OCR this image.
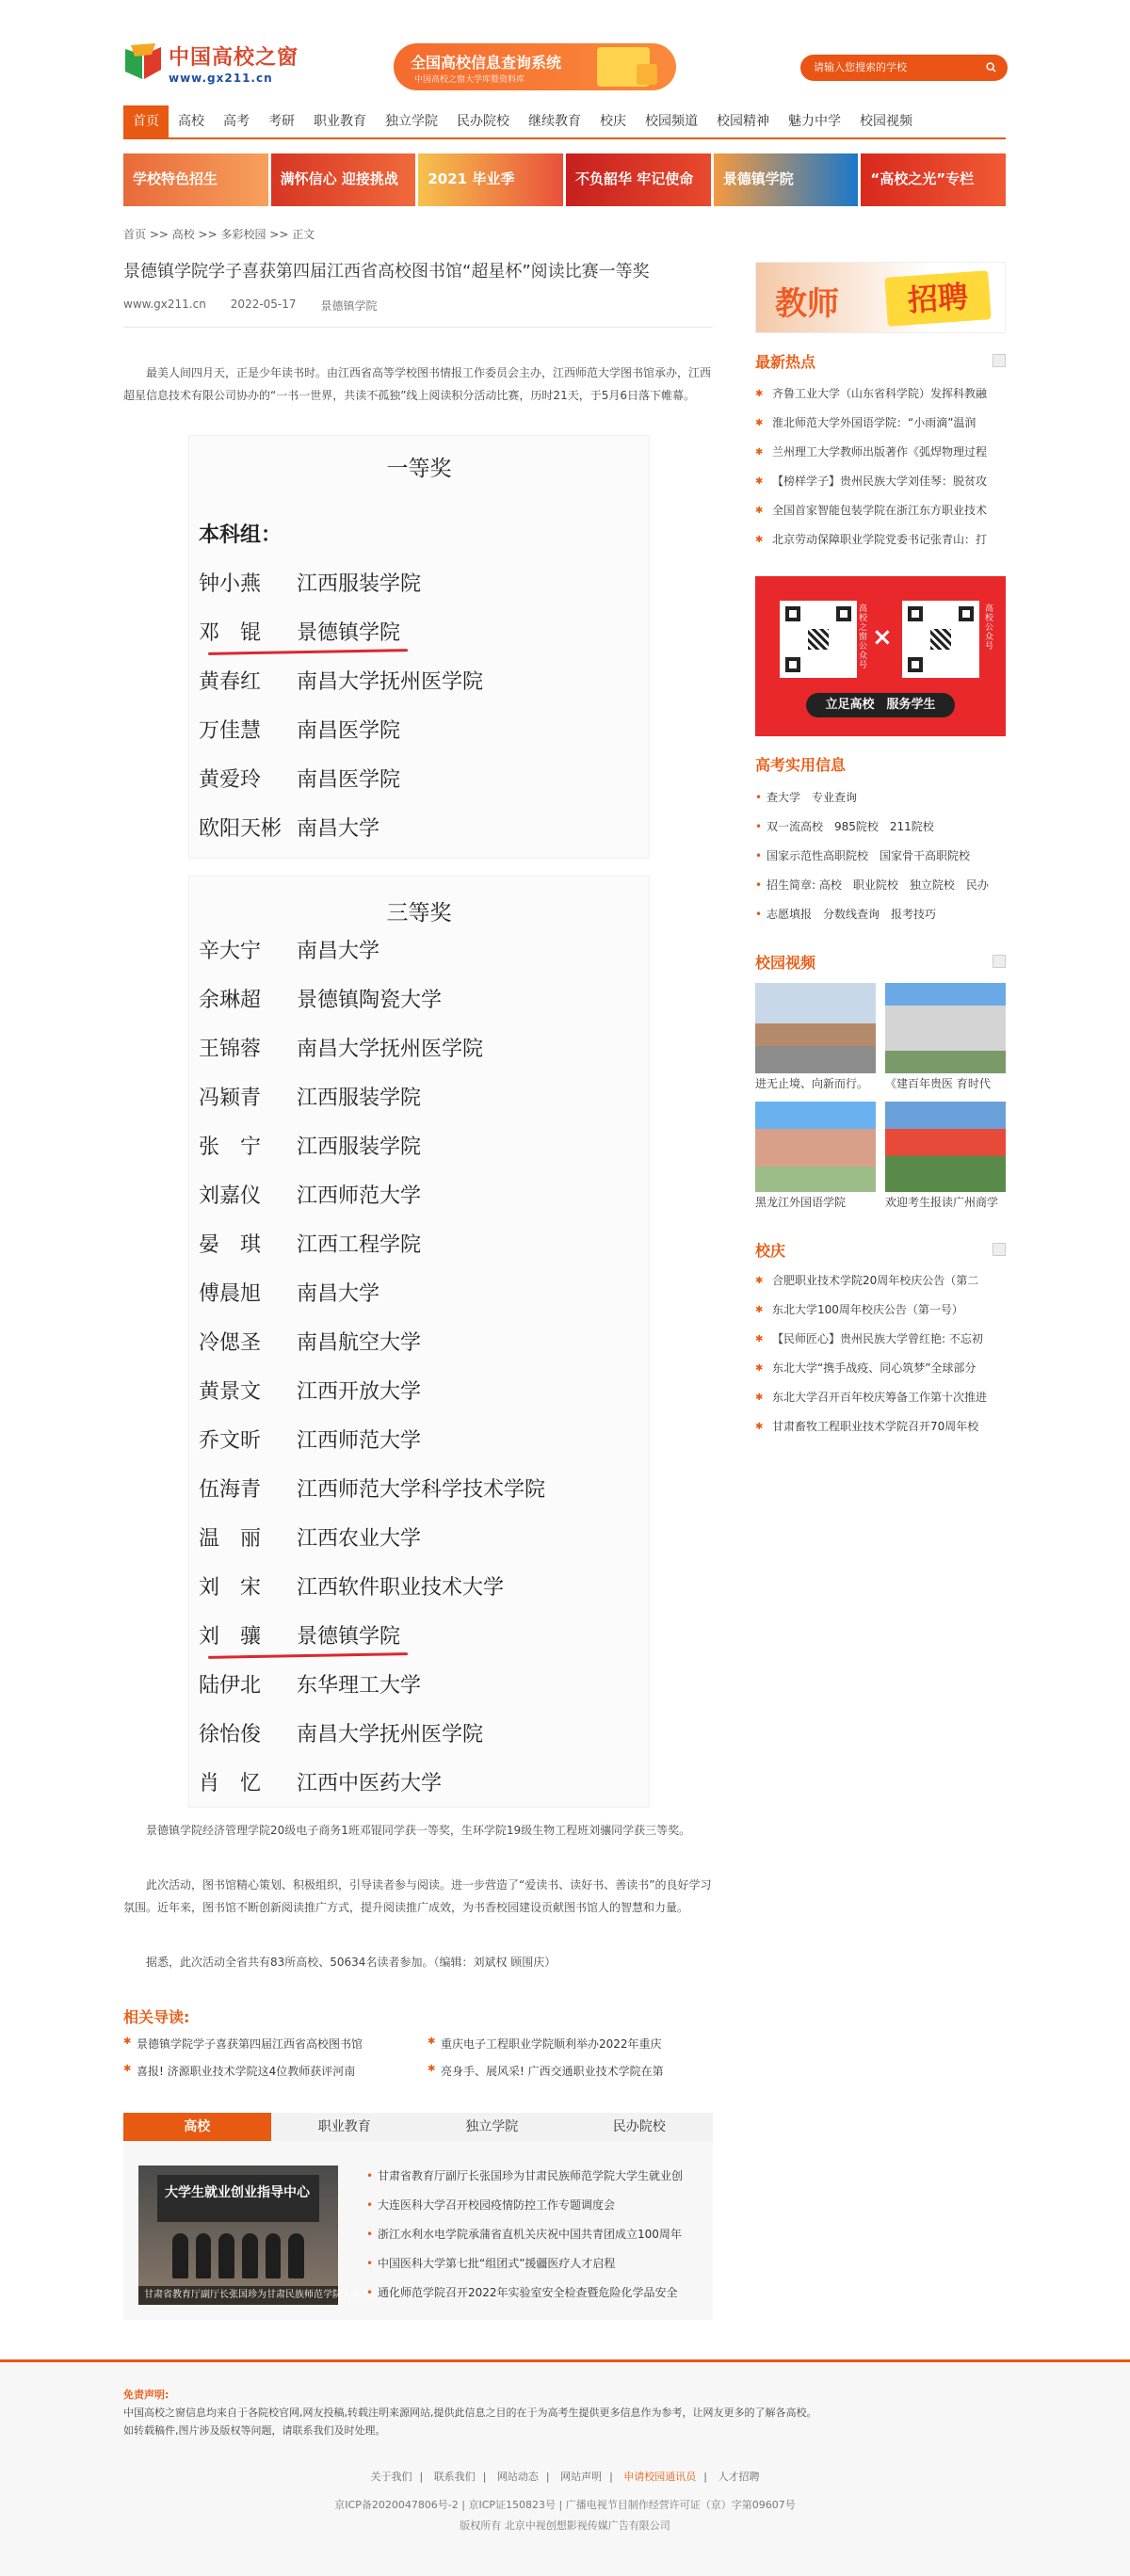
中国高校之窗
www.gx211.cn
全国高校信息查询系统
中国高校之窗大学库暨资料库
请输入您搜索的学校
首页	高校	高考	考研	职业教育	独立学院	民办院校	继续教育	校庆	校园频道	校园精神	魅力中学	校园视频
学校特色招生	满怀信心 迎接挑战 2021 毕业季	不负韶华 牢记使命 景德镇学院	“高校之光”专栏
首页 >> 高校 >> 多彩校园 >> 正文
景德镇学院学子喜获第四届江西省高校图书馆“超星杯”阅读比赛一等奖
www.gx211.cn 2022-05-17 景德镇学院

最美人间四月天，正是少年读书时。由江西省高等学校图书情报工作委员会主办，江西师范大学图书馆承办，江西超星信息技术有限公司协办的“一书一世界，共读不孤独”线上阅读积分活动比赛，历时21天，于5月6日落下帷幕。

一等奖
本科组：
钟小燕 江西服装学院
邓　锟 景德镇学院
黄春红 南昌大学抚州医学院
万佳慧 南昌医学院
黄爱玲 南昌医学院
欧阳天彬 南昌大学
三等奖
辛大宁 南昌大学
余琳超 景德镇陶瓷大学
王锦蓉 南昌大学抚州医学院
冯颖青 江西服装学院
张　宁 江西服装学院
刘嘉仪 江西师范大学
晏　琪 江西工程学院
傅晨旭 南昌大学
冷偲圣 南昌航空大学
黄景文 江西开放大学
乔文昕 江西师范大学
伍海青 江西师范大学科学技术学院
温　丽 江西农业大学
刘　宋 江西软件职业技术大学
刘　骧 景德镇学院
陆伊北 东华理工大学
徐怡俊 南昌大学抚州医学院
肖　忆 江西中医药大学

景德镇学院经济管理学院20级电子商务1班邓锟同学获一等奖，生环学院19级生物工程班刘骧同学获三等奖。

此次活动，图书馆精心策划、积极组织，引导读者参与阅读。进一步营造了“爱读书、读好书、善读书”的良好学习氛围。近年来，图书馆不断创新阅读推广方式，提升阅读推广成效，为书香校园建设贡献图书馆人的智慧和力量。

据悉，此次活动全省共有83所高校、50634名读者参加。（编辑：刘斌权 顾围庆）

相关导读:
✱ 景德镇学院学子喜获第四届江西省高校图书馆	✱ 重庆电子工程职业学院顺利举办2022年重庆
✱ 喜报! 济源职业技术学院这4位教师获评河南	✱ 亮身手、展风采! 广西交通职业技术学院在第
高校	职业教育	独立学院	民办院校
大学生就业创业指导中心
甘肃省教育厅副厅长张国珍为甘肃民族师范学院大学生就业创
• 甘肃省教育厅副厅长张国珍为甘肃民族师范学院大学生就业创
• 大连医科大学召开校园疫情防控工作专题调度会
• 浙江水利水电学院承蒲省直机关庆祝中国共青团成立100周年
• 中国医科大学第七批“组团式”援疆医疗人才启程
• 通化师范学院召开2022年实验室安全检查暨危险化学品安全
教师	招聘
最新热点
✱ 齐鲁工业大学（山东省科学院）发挥科教融
✱ 淮北师范大学外国语学院：“小雨滴”温润
✱ 兰州理工大学教师出版著作《弧焊物理过程
✱ 【榜样学子】贵州民族大学刘佳琴：脱贫攻
✱ 全国首家智能包装学院在浙江东方职业技术
✱ 北京劳动保障职业学院党委书记张青山：打
高校之窗公众号
×
高校公众号
立足高校　服务学生
高考实用信息
• 查大学　专业查询
• 双一流高校　985院校　211院校
• 国家示范性高职院校　国家骨干高职院校
• 招生简章: 高校　职业院校　独立院校　民办
• 志愿填报　分数线查询　报考技巧
校园视频
进无止境、向新而行。	《建百年贵医 育时代
黑龙江外国语学院	欢迎考生报读广州商学
校庆
✱ 合肥职业技术学院20周年校庆公告（第二
✱ 东北大学100周年校庆公告（第一号）
✱ 【民师匠心】贵州民族大学曾红艳: 不忘初
✱ 东北大学“携手战疫、同心筑梦”全球部分
✱ 东北大学召开百年校庆筹备工作第十次推进
✱ 甘肃畜牧工程职业技术学院召开70周年校
免责声明:
中国高校之窗信息均来自于各院校官网,网友投稿,转载注明来源网站,提供此信息之目的在于为高考生提供更多信息作为参考，让网友更多的了解各高校。
如转载稿件,图片涉及版权等问题，请联系我们及时处理。
关于我们 | 联系我们 | 网站动态 | 网站声明 | 申请校园通讯员 | 人才招聘
京ICP备2020047806号-2 | 京ICP证150823号 | 广播电视节目制作经营许可证（京）字第09607号
版权所有 北京中视创想影视传媒广告有限公司
